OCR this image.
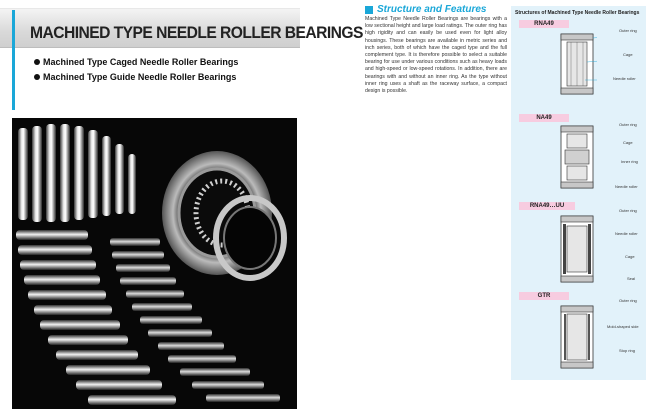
MACHINED TYPE NEEDLE ROLLER BEARINGS
Machined Type Caged Needle Roller Bearings
Machined Type Guide Needle Roller Bearings
Structure and Features

Machined Type Needle Roller Bearings are bearings with a low sectional height and large load ratings. The outer ring has high rigidity and can easily be used even for light alloy housings. These bearings are available in metric series and inch series, both of which have the caged type and the full complement type. It is therefore possible to select a suitable bearing for use under various conditions such as heavy loads and high-speed or low-speed rotations. In addition, there are bearings with and without an inner ring. As the type without inner ring uses a shaft as the raceway surface, a compact design is possible.

Structures of Machined Type Needle Roller Bearings
RNA49
Outer ring
Cage
Needle roller
NA49
Outer ring
Cage
Inner ring
Needle roller
RNA49…UU
Outer ring
Needle roller
Cage
Seal
GTR
Outer ring
Mold-shaped side
Stop ring
